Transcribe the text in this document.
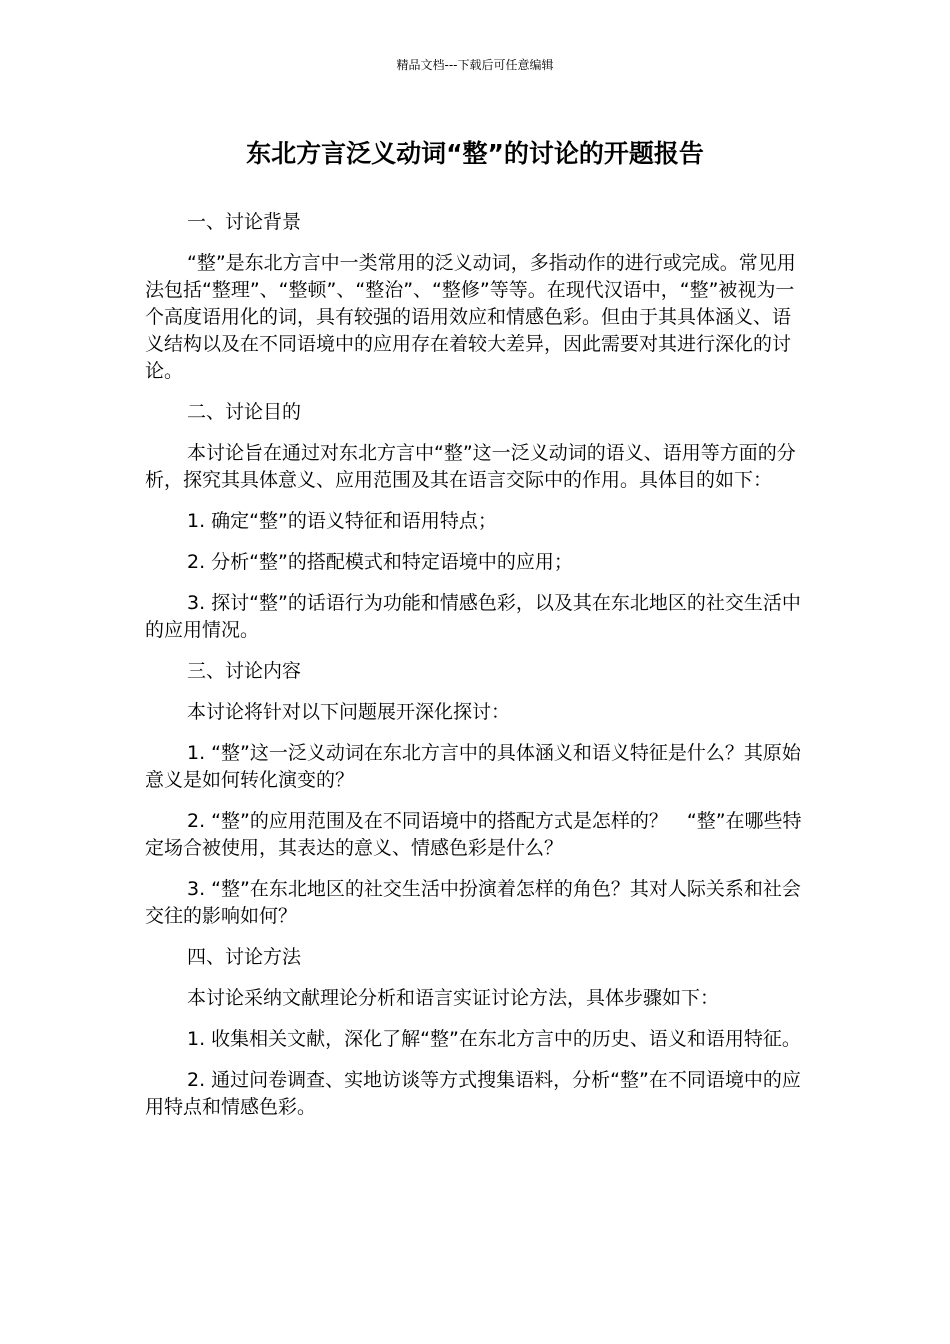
精品文档---下载后可任意编辑
东北方言泛义动词“整”的讨论的开题报告

一、讨论背景

“整”是东北方言中一类常用的泛义动词，多指动作的进行或完成。常见用法包括“整理”、“整顿”、“整治”、“整修”等等。在现代汉语中，“整”被视为一个高度语用化的词，具有较强的语用效应和情感色彩。但由于其具体涵义、语义结构以及在不同语境中的应用存在着较大差异，因此需要对其进行深化的讨论。

二、讨论目的

本讨论旨在通过对东北方言中“整”这一泛义动词的语义、语用等方面的分析，探究其具体意义、应用范围及其在语言交际中的作用。具体目的如下：

1. 确定“整”的语义特征和语用特点；

2. 分析“整”的搭配模式和特定语境中的应用；

3. 探讨“整”的话语行为功能和情感色彩，以及其在东北地区的社交生活中的应用情况。

三、讨论内容

本讨论将针对以下问题展开深化探讨：

1. “整”这一泛义动词在东北方言中的具体涵义和语义特征是什么？其原始意义是如何转化演变的？

2. “整”的应用范围及在不同语境中的搭配方式是怎样的？　“整”在哪些特定场合被使用，其表达的意义、情感色彩是什么？

3. “整”在东北地区的社交生活中扮演着怎样的角色？其对人际关系和社会交往的影响如何？

四、讨论方法

本讨论采纳文献理论分析和语言实证讨论方法，具体步骤如下：

1. 收集相关文献，深化了解“整”在东北方言中的历史、语义和语用特征。

2. 通过问卷调查、实地访谈等方式搜集语料，分析“整”在不同语境中的应用特点和情感色彩。
